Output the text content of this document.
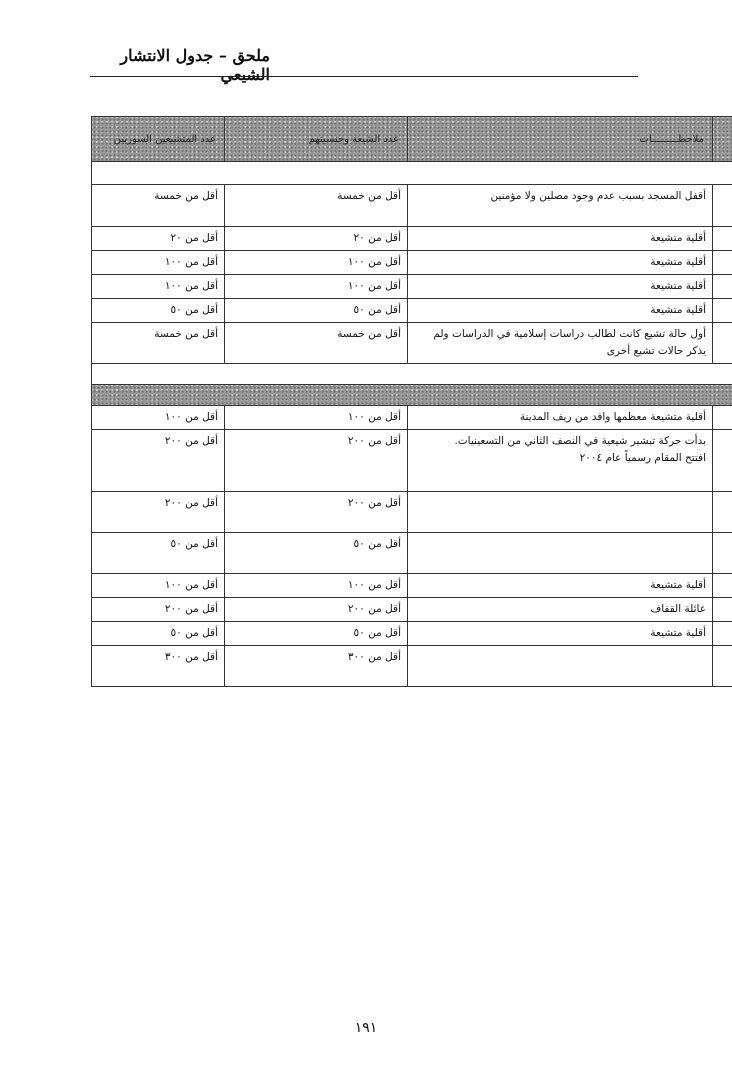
ملحق – جدول الانتشار الشيعي
عدد المتشيعين السوريين	عدد الشيعة وجنسيتهم	ملاحظـــــــــات	

أقل من خمسة	أقل من خمسة	أقفل المسجد بسبب عدم وجود مصلين ولا مؤمنين	
أقل من ٢٠	أقل من ٢٠	أقلية متشيعة	
أقل من ١٠٠	أقل من ١٠٠	أقلية متشيعة	
أقل من ١٠٠	أقل من ١٠٠	أقلية متشيعة	
أقل من ٥٠	أقل من ٥٠	أقلية متشيعة	
أقل من خمسة	أقل من خمسة	أول حالة تشيع كانت لطالب دراسات إسلامية في الدراسات ولم يذكر حالات تشيع أخرى	

أقل من ١٠٠	أقل من ١٠٠	أقلية متشيعة معظمها وافد من ريف المدينة	
أقل من ٢٠٠	أقل من ٢٠٠	بدأت حركة تبشير شيعية في النصف الثاني من التسعينيات.
افتتح المقام رسمياً عام ٢٠٠٤	

أقل من ٢٠٠	أقل من ٢٠٠		
أقل من ٥٠	أقل من ٥٠		
أقل من ١٠٠	أقل من ١٠٠	أقلية متشيعة	
أقل من ٢٠٠	أقل من ٢٠٠	عائلة القفاف	
أقل من ٥٠	أقل من ٥٠	أقلية متشيعة	
أقل من ٣٠٠	أقل من ٣٠٠		
١٩١
